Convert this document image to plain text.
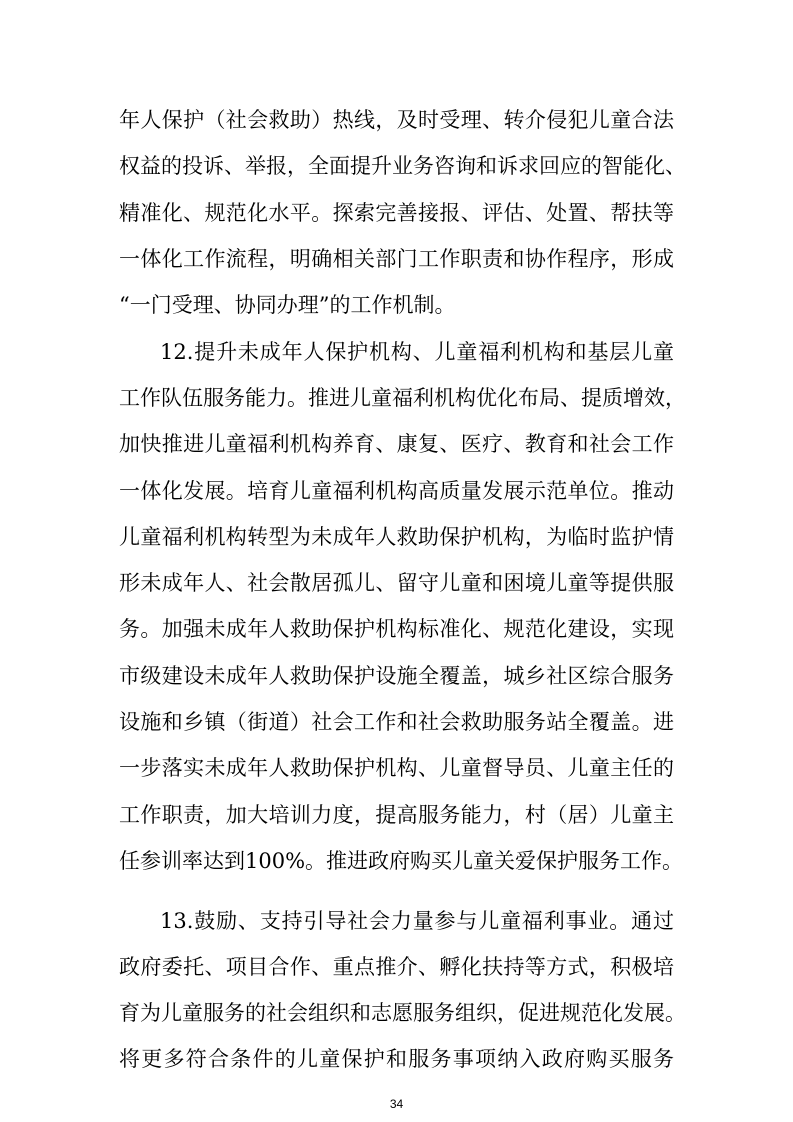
年人保护（社会救助）热线，及时受理、转介侵犯儿童合法
权益的投诉、举报，全面提升业务咨询和诉求回应的智能化、
精准化、规范化水平。探索完善接报、评估、处置、帮扶等
一体化工作流程，明确相关部门工作职责和协作程序，形成
“一门受理、协同办理”的工作机制。
12.提升未成年人保护机构、儿童福利机构和基层儿童
工作队伍服务能力。推进儿童福利机构优化布局、提质增效，
加快推进儿童福利机构养育、康复、医疗、教育和社会工作
一体化发展。培育儿童福利机构高质量发展示范单位。推动
儿童福利机构转型为未成年人救助保护机构，为临时监护情
形未成年人、社会散居孤儿、留守儿童和困境儿童等提供服
务。加强未成年人救助保护机构标准化、规范化建设，实现
市级建设未成年人救助保护设施全覆盖，城乡社区综合服务
设施和乡镇（街道）社会工作和社会救助服务站全覆盖。进
一步落实未成年人救助保护机构、儿童督导员、儿童主任的
工作职责，加大培训力度，提高服务能力，村（居）儿童主
任参训率达到100%。推进政府购买儿童关爱保护服务工作。
13.鼓励、支持引导社会力量参与儿童福利事业。通过
政府委托、项目合作、重点推介、孵化扶持等方式，积极培
育为儿童服务的社会组织和志愿服务组织，促进规范化发展。
将更多符合条件的儿童保护和服务事项纳入政府购买服务
34
